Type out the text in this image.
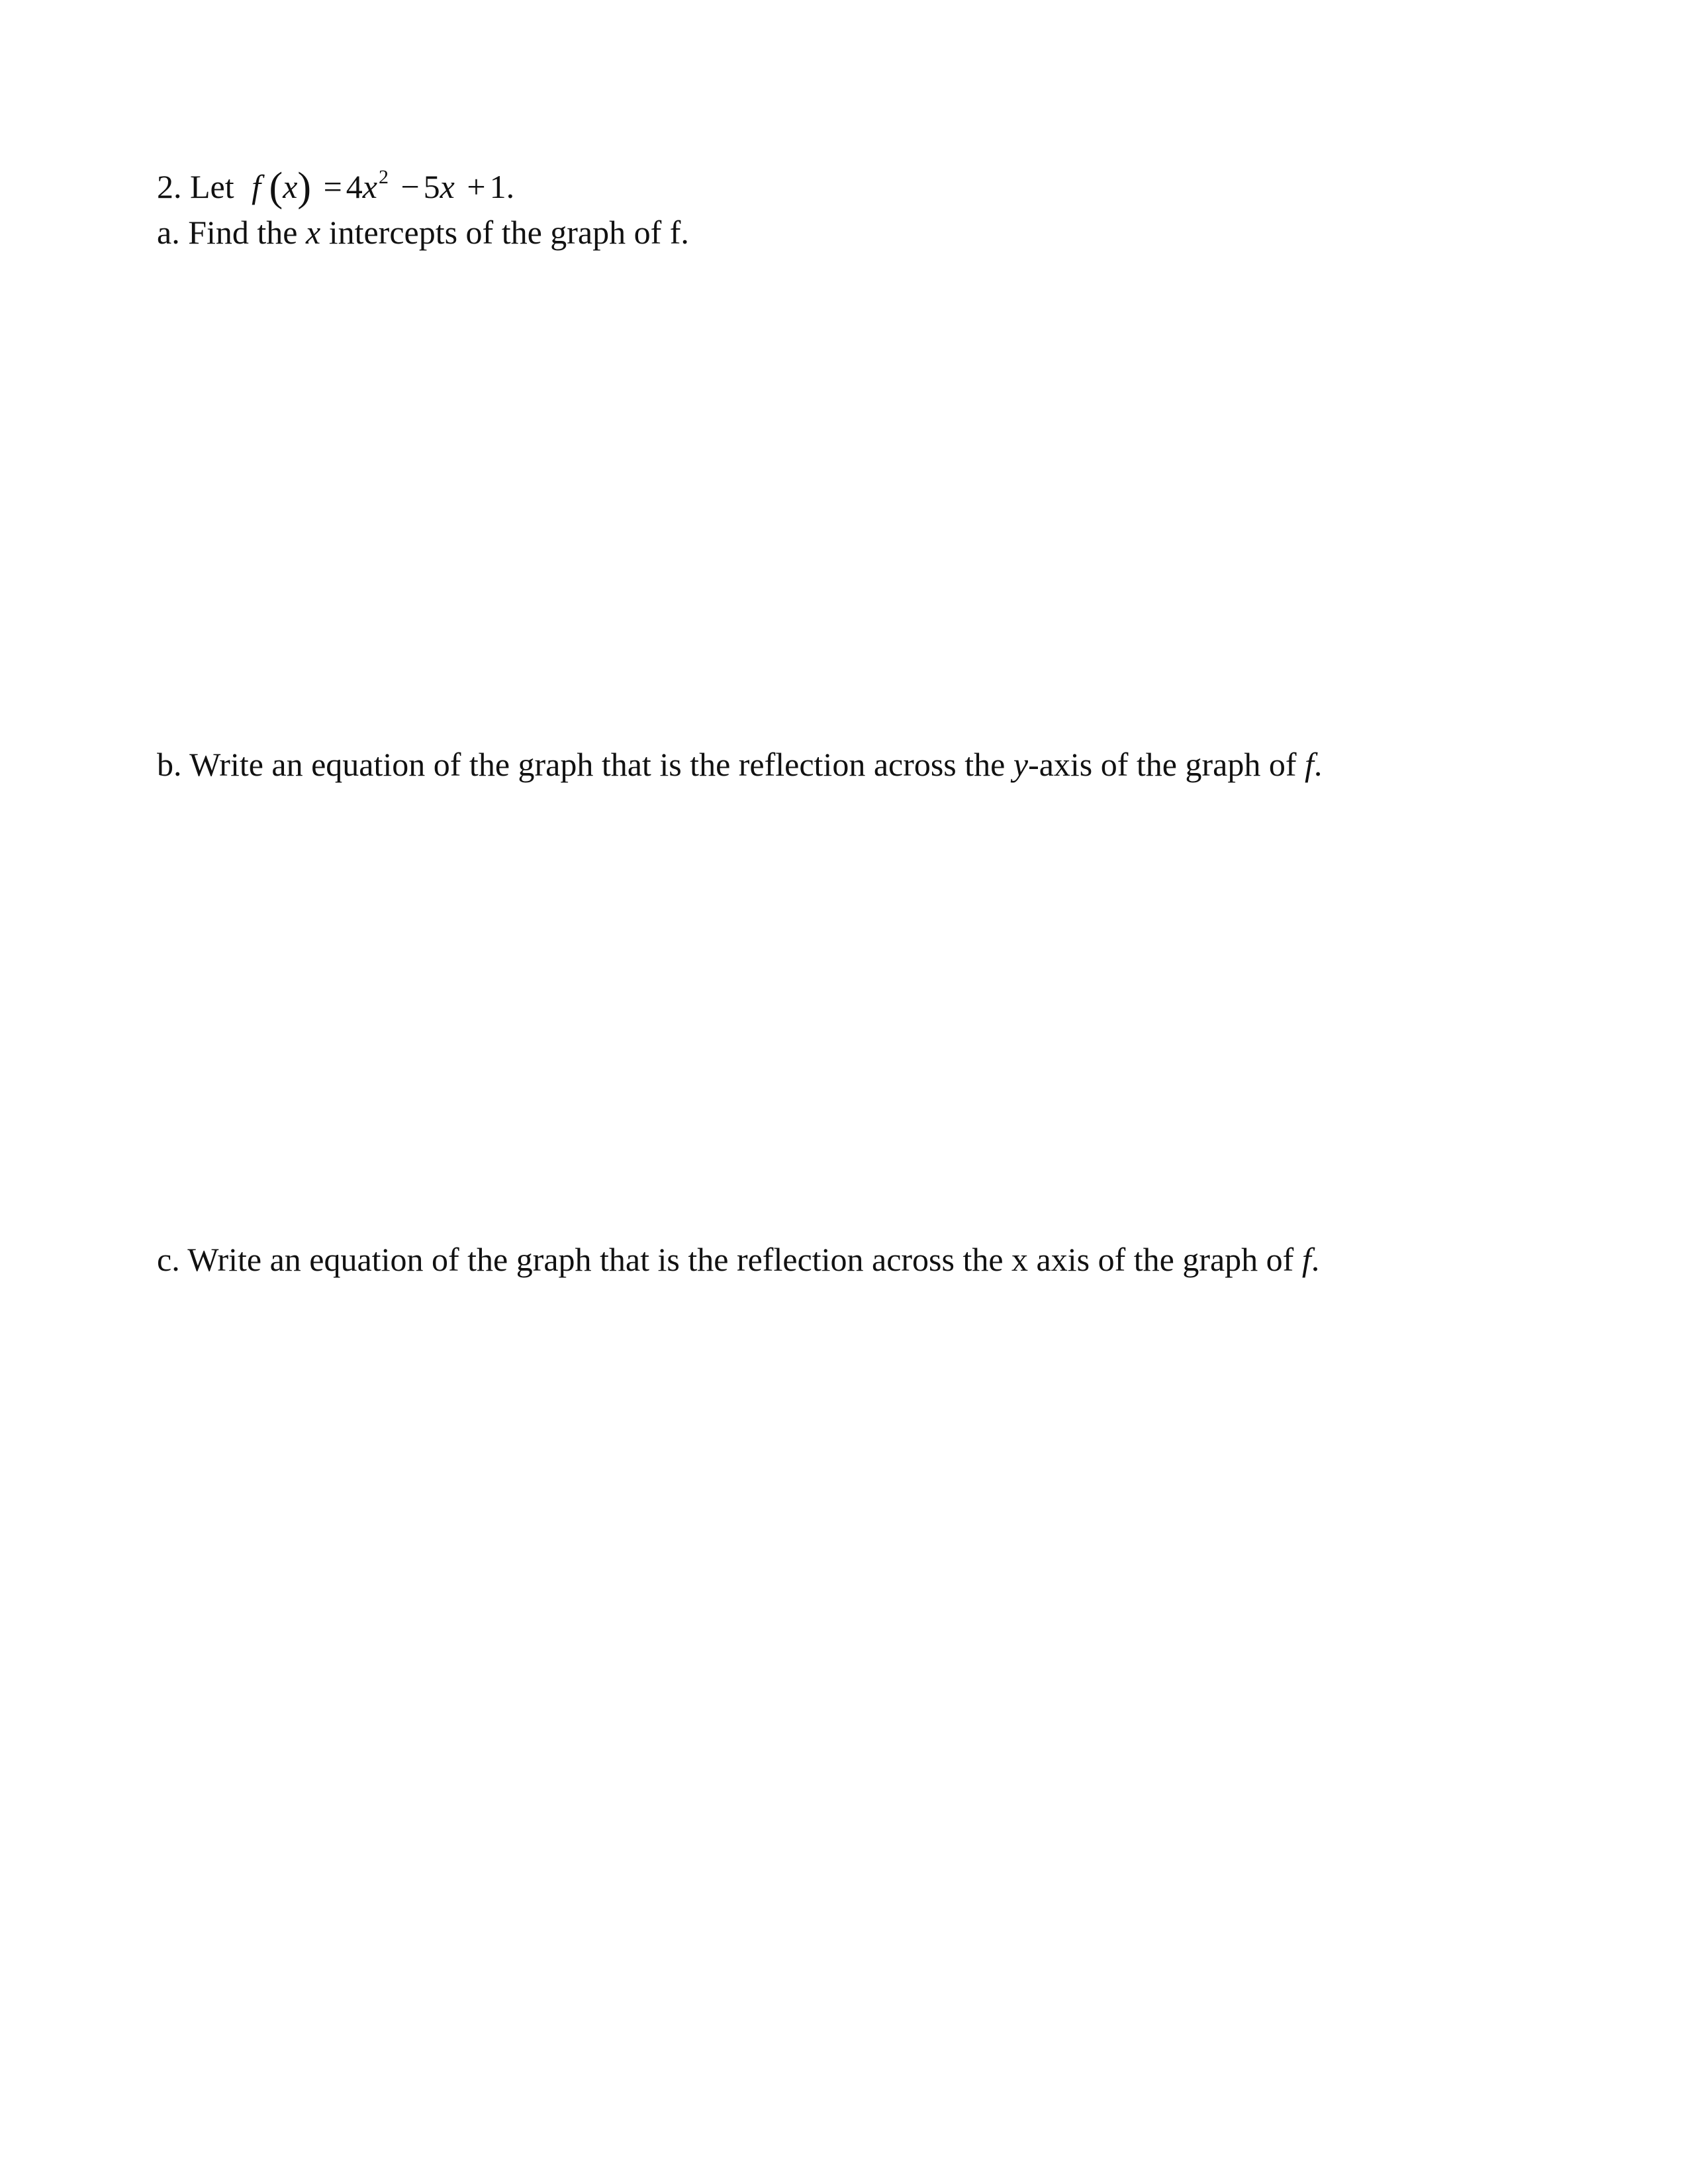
2. Let f $(x) = 4x^2 - 5x + 1$.
a. Find the x intercepts of the graph of f.
b. Write an equation of the graph that is the reflection across the y-axis of the graph of f.
c. Write an equation of the graph that is the reflection across the x axis of the graph of f.
